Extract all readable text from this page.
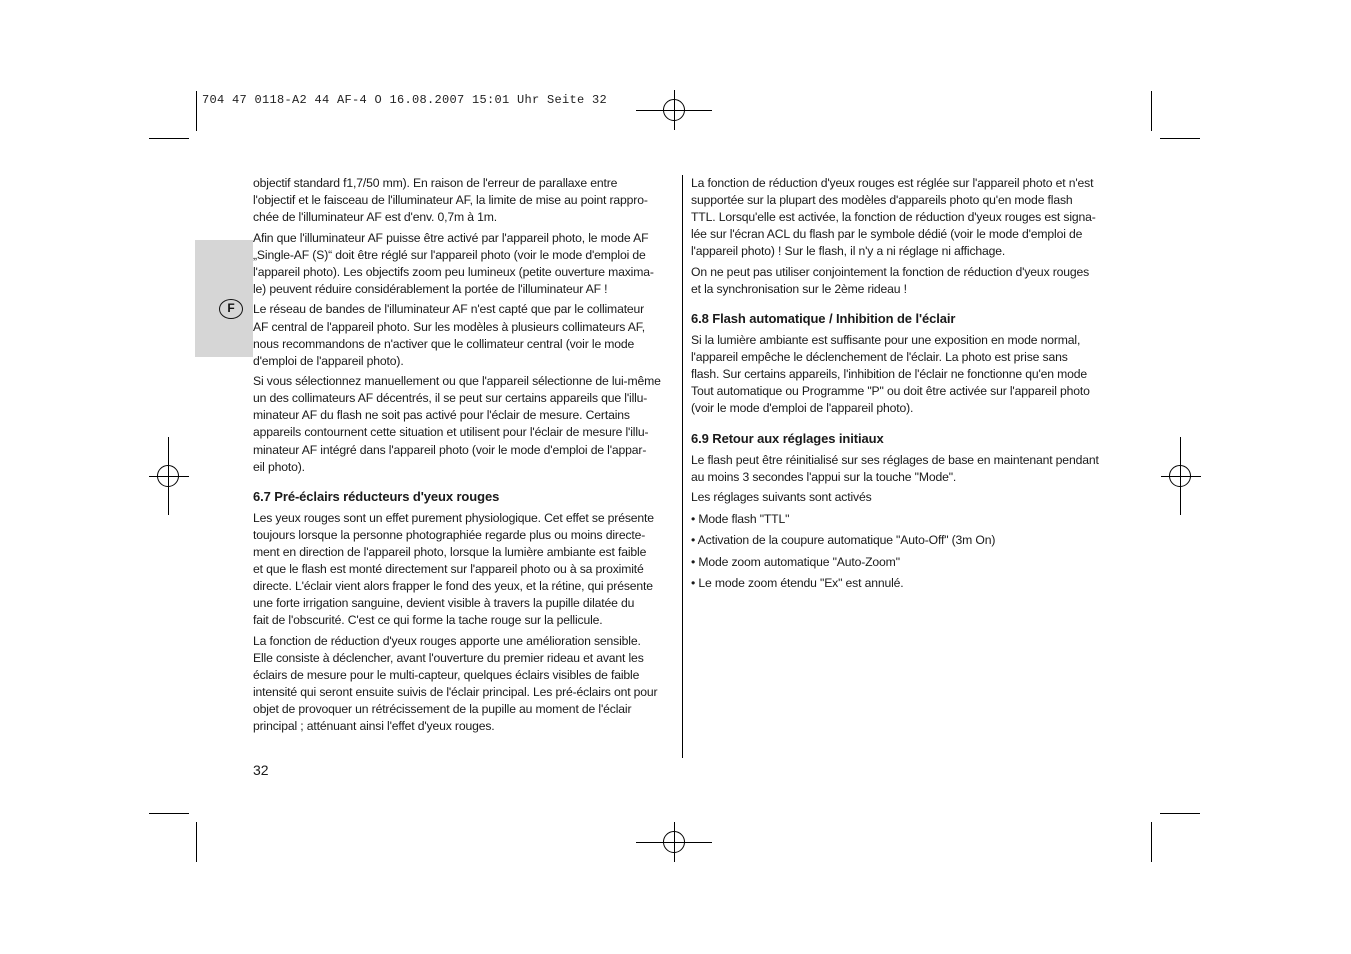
704 47 0118-A2 44 AF-4 O 16.08.2007 15:01 Uhr Seite 32
F

objectif standard f1,7/50 mm). En raison de l'erreur de parallaxe entre
l'objectif et le faisceau de l'illuminateur AF, la limite de mise au point rappro-
chée de l'illuminateur AF est d'env. 0,7m à 1m.

Afin que l'illuminateur AF puisse être activé par l'appareil photo, le mode AF
„Single-AF (S)“ doit être réglé sur l'appareil photo (voir le mode d'emploi de
l'appareil photo). Les objectifs zoom peu lumineux (petite ouverture maxima-
le) peuvent réduire considérablement la portée de l'illuminateur AF !

Le réseau de bandes de l'illuminateur AF n'est capté que par le collimateur
AF central de l'appareil photo. Sur les modèles à plusieurs collimateurs AF,
nous recommandons de n'activer que le collimateur central (voir le mode
d'emploi de l'appareil photo).

Si vous sélectionnez manuellement ou que l'appareil sélectionne de lui-même
un des collimateurs AF décentrés, il se peut sur certains appareils que l'illu-
minateur AF du flash ne soit pas activé pour l'éclair de mesure. Certains
appareils contournent cette situation et utilisent pour l'éclair de mesure l'illu-
minateur AF intégré dans l'appareil photo (voir le mode d'emploi de l'appar-
eil photo).

6.7 Pré-éclairs réducteurs d'yeux rouges

Les yeux rouges sont un effet purement physiologique. Cet effet se présente
toujours lorsque la personne photographiée regarde plus ou moins directe-
ment en direction de l'appareil photo, lorsque la lumière ambiante est faible
et que le flash est monté directement sur l'appareil photo ou à sa proximité
directe. L'éclair vient alors frapper le fond des yeux, et la rétine, qui présente
une forte irrigation sanguine, devient visible à travers la pupille dilatée du
fait de l'obscurité. C'est ce qui forme la tache rouge sur la pellicule.

La fonction de réduction d'yeux rouges apporte une amélioration sensible.
Elle consiste à déclencher, avant l'ouverture du premier rideau et avant les
éclairs de mesure pour le multi-capteur, quelques éclairs visibles de faible
intensité qui seront ensuite suivis de l'éclair principal. Les pré-éclairs ont pour
objet de provoquer un rétrécissement de la pupille au moment de l'éclair
principal ; atténuant ainsi l'effet d'yeux rouges.

La fonction de réduction d'yeux rouges est réglée sur l'appareil photo et n'est
supportée sur la plupart des modèles d'appareils photo qu'en mode flash
TTL. Lorsqu'elle est activée, la fonction de réduction d'yeux rouges est signa-
lée sur l'écran ACL du flash par le symbole dédié (voir le mode d'emploi de
l'appareil photo) ! Sur le flash, il n'y a ni réglage ni affichage.

On ne peut pas utiliser conjointement la fonction de réduction d'yeux rouges
et la synchronisation sur le 2ème rideau !

6.8 Flash automatique / Inhibition de l'éclair

Si la lumière ambiante est suffisante pour une exposition en mode normal,
l'appareil empêche le déclenchement de l'éclair. La photo est prise sans
flash. Sur certains appareils, l'inhibition de l'éclair ne fonctionne qu'en mode
Tout automatique ou Programme "P" ou doit être activée sur l'appareil photo
(voir le mode d'emploi de l'appareil photo).

6.9 Retour aux réglages initiaux

Le flash peut être réinitialisé sur ses réglages de base en maintenant pendant
au moins 3 secondes l'appui sur la touche "Mode".

Les réglages suivants sont activés

• Mode flash "TTL"
• Activation de la coupure automatique "Auto-Off" (3m On)
• Mode zoom automatique "Auto-Zoom"
• Le mode zoom étendu "Ex" est annulé.
32
